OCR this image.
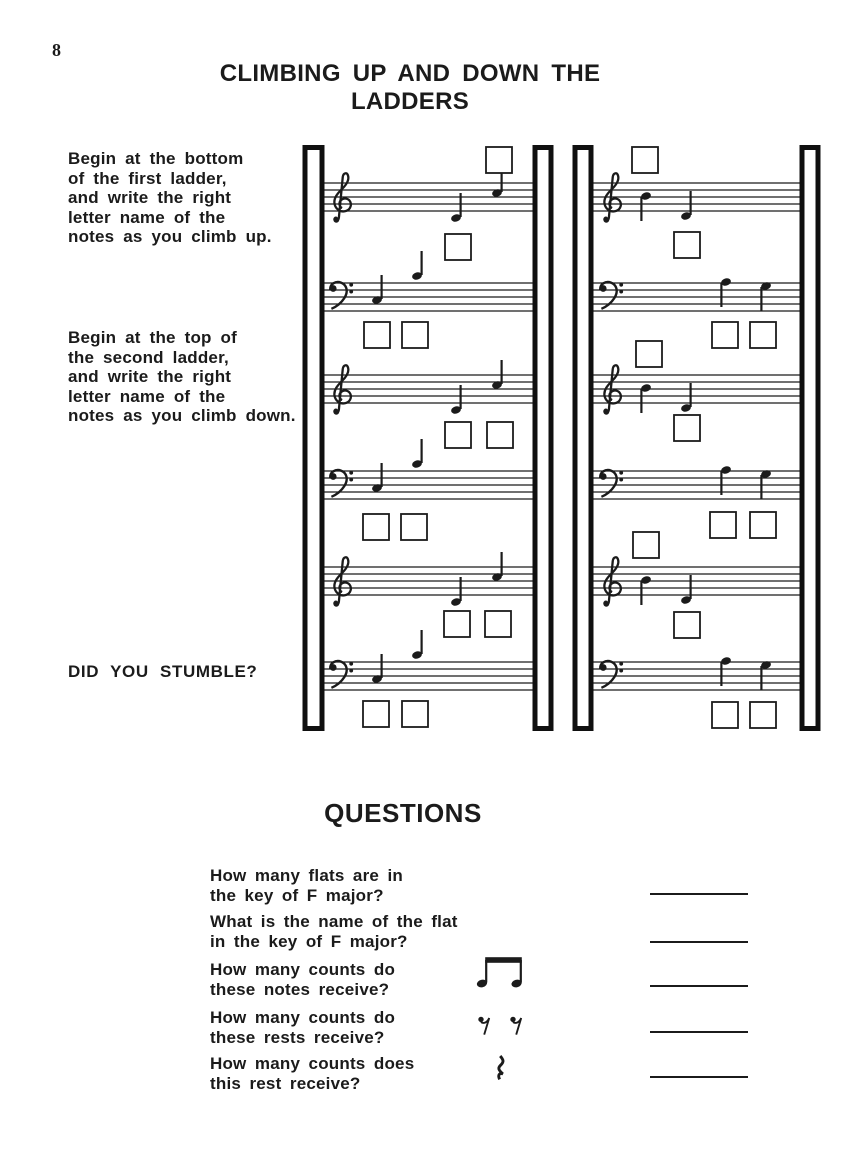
8
CLIMBING UP AND DOWN THE LADDERS
Begin at the bottom
of the first ladder,
and write the right
letter name of the
notes as you climb up.
Begin at the top of
the second ladder,
and write the right
letter name of the
notes as you climb down.
DID YOU STUMBLE?
QUESTIONS
How many flats are in
the key of F major?
What is the name of the flat
in the key of F major?
How many counts do
these notes receive?
How many counts do
these rests receive?
How many counts does
this rest receive?
